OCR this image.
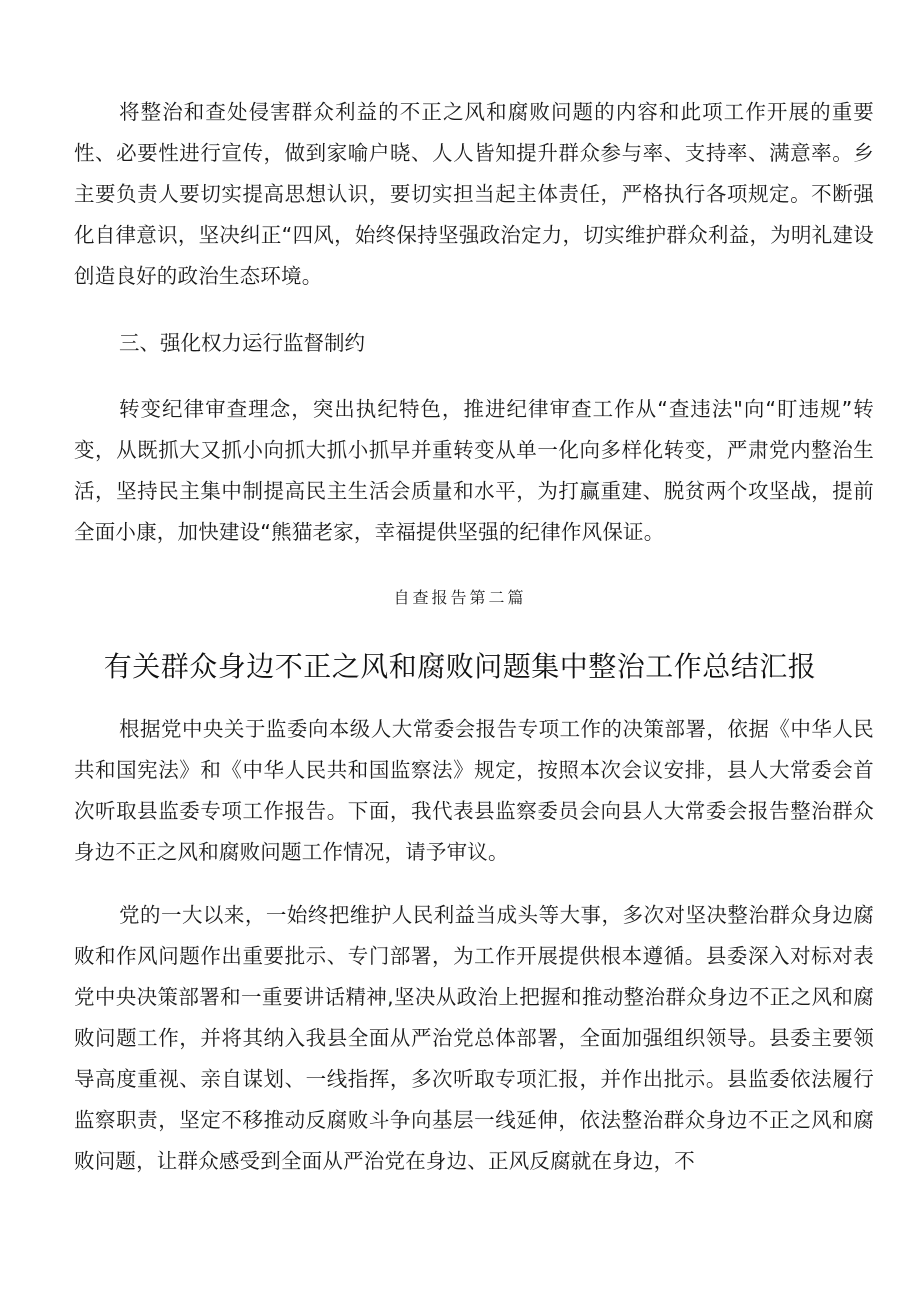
将整治和查处侵害群众利益的不正之风和腐败问题的内容和此项工作开展的重要性、必要性进行宣传，做到家喻户晓、人人皆知提升群众参与率、支持率、满意率。乡主要负责人要切实提高思想认识，要切实担当起主体责任，严格执行各项规定。不断强化自律意识，坚决纠正“四风，始终保持坚强政治定力，切实维护群众利益，为明礼建设创造良好的政治生态环境。

三、强化权力运行监督制约

转变纪律审查理念，突出执纪特色，推进纪律审查工作从“查违法"向“盯违规”转变，从既抓大又抓小向抓大抓小抓早并重转变从单一化向多样化转变，严肃党内整治生活，坚持民主集中制提高民主生活会质量和水平，为打赢重建、脱贫两个攻坚战，提前全面小康，加快建设“熊猫老家，幸福提供坚强的纪律作风保证。

自查报告第二篇
有关群众身边不正之风和腐败问题集中整治工作总结汇报

根据党中央关于监委向本级人大常委会报告专项工作的决策部署，依据《中华人民共和国宪法》和《中华人民共和国监察法》规定，按照本次会议安排，县人大常委会首次听取县监委专项工作报告。下面，我代表县监察委员会向县人大常委会报告整治群众身边不正之风和腐败问题工作情况，请予审议。

党的一大以来，一始终把维护人民利益当成头等大事，多次对坚决整治群众身边腐败和作风问题作出重要批示、专门部署，为工作开展提供根本遵循。县委深入对标对表党中央决策部署和一重要讲话精神,坚决从政治上把握和推动整治群众身边不正之风和腐败问题工作，并将其纳入我县全面从严治党总体部署，全面加强组织领导。县委主要领导高度重视、亲自谋划、一线指挥，多次听取专项汇报，并作出批示。县监委依法履行监察职责，坚定不移推动反腐败斗争向基层一线延伸，依法整治群众身边不正之风和腐败问题，让群众感受到全面从严治党在身边、正风反腐就在身边，不
